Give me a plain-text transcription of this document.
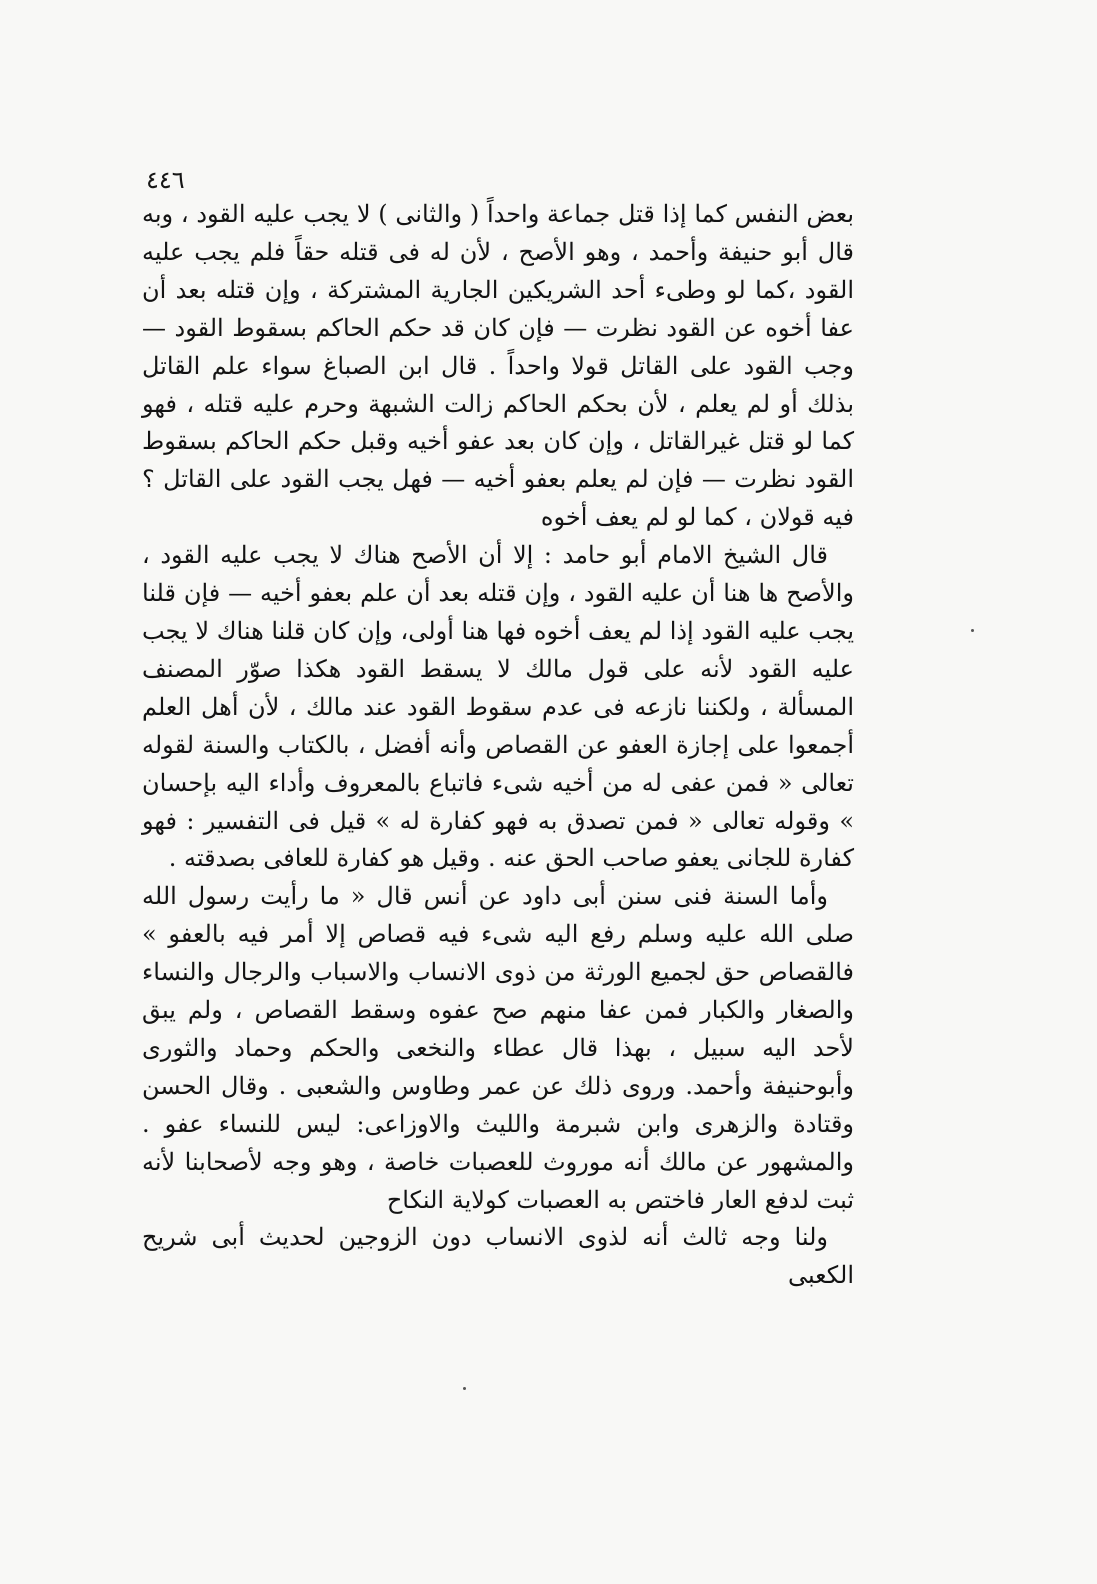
٤٤٦

بعض النفس كما إذا قتل جماعة واحداً ( والثانى ) لا يجب عليه القود ، وبه قال أبو حنيفة وأحمد ، وهو الأصح ، لأن له فى قتله حقاً فلم يجب عليه القود ،كما لو وطىء أحد الشريكين الجارية المشتركة ، وإن قتله بعد أن عفا أخوه عن القود نظرت — فإن كان قد حكم الحاكم بسقوط القود — وجب القود على القاتل قولا واحداً . قال ابن الصباغ سواء علم القاتل بذلك أو لم يعلم ، لأن بحكم الحاكم زالت الشبهة وحرم عليه قتله ، فهو كما لو قتل غيرالقاتل ، وإن كان بعد عفو أخيه وقبل حكم الحاكم بسقوط القود نظرت — فإن لم يعلم بعفو أخيه — فهل يجب القود على القاتل ؟ فيه قولان ، كما لو لم يعف أخوه

قال الشيخ الامام أبو حامد : إلا أن الأصح هناك لا يجب عليه القود ، والأصح ها هنا أن عليه القود ، وإن قتله بعد أن علم بعفو أخيه — فإن قلنا يجب عليه القود إذا لم يعف أخوه فها هنا أولى، وإن كان قلنا هناك لا يجب عليه القود لأنه على قول مالك لا يسقط القود هكذا صوّر المصنف المسألة ، ولكننا نازعه فى عدم سقوط القود عند مالك ، لأن أهل العلم أجمعوا على إجازة العفو عن القصاص وأنه أفضل ، بالكتاب والسنة لقوله تعالى « فمن عفى له من أخيه شىء فاتباع بالمعروف وأداء اليه بإحسان » وقوله تعالى « فمن تصدق به فهو كفارة له » قيل فى التفسير : فهو كفارة للجانى يعفو صاحب الحق عنه . وقيل هو كفارة للعافى بصدقته .

وأما السنة فنى سنن أبى داود عن أنس قال « ما رأيت رسول الله صلى الله عليه وسلم رفع اليه شىء فيه قصاص إلا أمر فيه بالعفو » فالقصاص حق لجميع الورثة من ذوى الانساب والاسباب والرجال والنساء والصغار والكبار فمن عفا منهم صح عفوه وسقط القصاص ، ولم يبق لأحد اليه سبيل ، بهذا قال عطاء والنخعى والحكم وحماد والثورى وأبوحنيفة وأحمد. وروى ذلك عن عمر وطاوس والشعبى . وقال الحسن وقتادة والزهرى وابن شبرمة والليث والاوزاعى: ليس للنساء عفو . والمشهور عن مالك أنه موروث للعصبات خاصة ، وهو وجه لأصحابنا لأنه ثبت لدفع العار فاختص به العصبات كولاية النكاح

ولنا وجه ثالث أنه لذوى الانساب دون الزوجين لحديث أبى شريح الكعبى
